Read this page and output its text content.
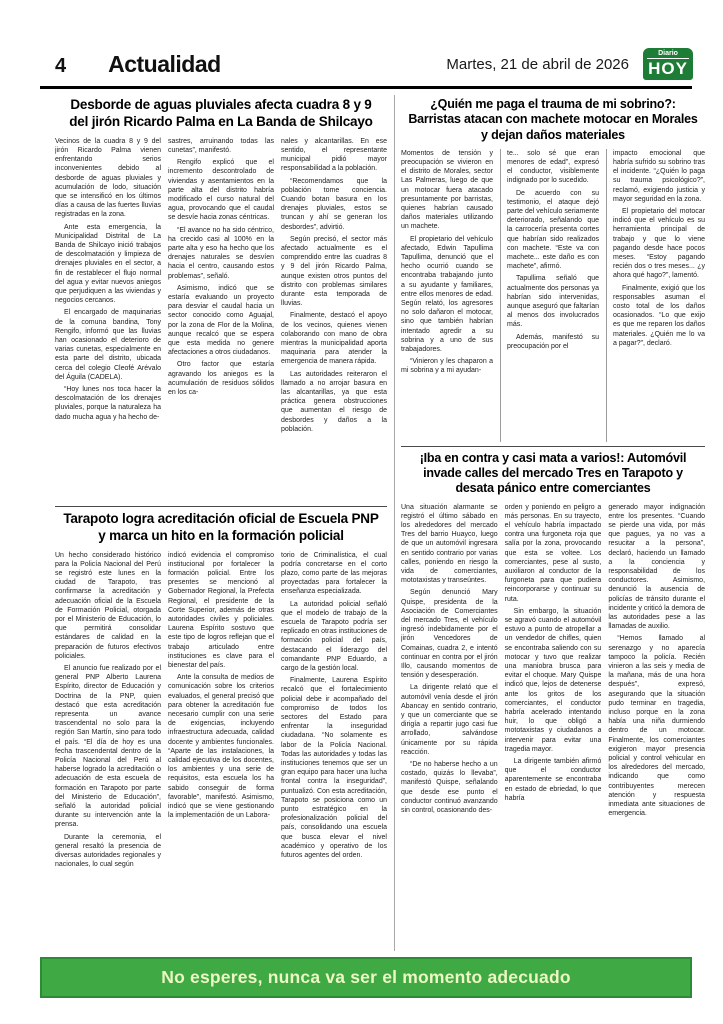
4 Actualidad	Martes, 21 de abril de 2026
Diario
HOY
Desborde de aguas pluviales afecta cuadra 8 y 9 del jirón Ricardo Palma en La Banda de Shilcayo

Vecinos de la cuadra 8 y 9 del jirón Ricardo Palma vienen enfrentando serios inconvenientes debido al desborde de aguas pluviales y acumulación de lodo, situación que se intensificó en los últimos días a causa de las fuertes lluvias registradas en la zona.

Ante esta emergencia, la Municipalidad Distrital de La Banda de Shilcayo inició trabajos de descolmatación y limpieza de drenajes pluviales en el sector, a fin de restablecer el flujo normal del agua y evitar nuevos aniegos que perjudiquen a las viviendas y negocios cercanos.

El encargado de maquinarias de la comuna bandina, Tony Rengifo, informó que las lluvias han ocasionado el deterioro de varias cunetas, especialmente en esta parte del distrito, ubicada cerca del colegio Cleofé Arévalo del Águila (CADELA).

“Hoy lunes nos toca hacer la descolmatación de los drenajes pluviales, porque la naturaleza ha dado mucha agua y ha hecho de-

sastres, arruinando todas las cunetas”, manifestó.

Rengifo explicó que el incremento descontrolado de viviendas y asentamientos en la parte alta del distrito habría modificado el curso natural del agua, provocando que el caudal se desvíe hacia zonas céntricas.

“El avance no ha sido céntrico, ha crecido casi al 100% en la parte alta y eso ha hecho que los drenajes naturales se desvíen hacia el centro, causando estos problemas”, señaló.

Asimismo, indicó que se estaría evaluando un proyecto para desviar el caudal hacia un sector conocido como Aguajal, por la zona de Flor de la Molina, aunque recalcó que se espera que esta medida no genere afectaciones a otros ciudadanos.

Otro factor que estaría agravando los aniegos es la acumulación de residuos sólidos en los ca-

nales y alcantarillas. En ese sentido, el representante municipal pidió mayor responsabilidad a la población.

“Recomendamos que la población tome conciencia. Cuando botan basura en los drenajes pluviales, estos se truncan y ahí se generan los desbordes”, advirtió.

Según precisó, el sector más afectado actualmente es el comprendido entre las cuadras 8 y 9 del jirón Ricardo Palma, aunque existen otros puntos del distrito con problemas similares durante esta temporada de lluvias.

Finalmente, destacó el apoyo de los vecinos, quienes vienen colaborando con mano de obra mientras la municipalidad aporta maquinaria para atender la emergencia de manera rápida.

Las autoridades reiteraron el llamado a no arrojar basura en las alcantarillas, ya que esta práctica genera obstrucciones que aumentan el riesgo de desbordes y daños a la población.

Tarapoto logra acreditación oficial de Escuela PNP y marca un hito en la formación policial

Un hecho considerado histórico para la Policía Nacional del Perú se registró este lunes en la ciudad de Tarapoto, tras confirmarse la acreditación y adecuación oficial de la Escuela de Formación Policial, otorgada por el Ministerio de Educación, lo que permitirá consolidar estándares de calidad en la preparación de futuros efectivos policiales.

El anuncio fue realizado por el general PNP Alberto Laurena Espírito, director de Educación y Doctrina de la PNP, quien destacó que esta acreditación representa un avance trascendental no solo para la región San Martín, sino para todo el país. “El día de hoy es una fecha trascendental dentro de la Policía Nacional del Perú al haberse logrado la acreditación o adecuación de esta escuela de formación en Tarapoto por parte del Ministerio de Educación”, señaló la autoridad policial durante su intervención ante la prensa.

Durante la ceremonia, el general resaltó la presencia de diversas autoridades regionales y nacionales, lo cual según

indicó evidencia el compromiso institucional por fortalecer la formación policial. Entre los presentes se mencionó al Gobernador Regional, la Prefecta Regional, el presidente de la Corte Superior, además de otras autoridades civiles y policiales. Laurena Espírito sostuvo que este tipo de logros reflejan que el trabajo articulado entre instituciones es clave para el bienestar del país.

Ante la consulta de medios de comunicación sobre los criterios evaluados, el general precisó que para obtener la acreditación fue necesario cumplir con una serie de exigencias, incluyendo infraestructura adecuada, calidad docente y ambientes funcionales. “Aparte de las instalaciones, la calidad ejecutiva de los docentes, los ambientes y una serie de requisitos, esta escuela los ha sabido conseguir de forma favorable”, manifestó. Asimismo, indicó que se viene gestionando la implementación de un Labora-

torio de Criminalística, el cual podría concretarse en el corto plazo, como parte de las mejoras proyectadas para fortalecer la enseñanza especializada.

La autoridad policial señaló que el modelo de trabajo de la escuela de Tarapoto podría ser replicado en otras instituciones de formación policial del país, destacando el liderazgo del comandante PNP Eduardo, a cargo de la gestión local.

Finalmente, Laurena Espírito recalcó que el fortalecimiento policial debe ir acompañado del compromiso de todos los sectores del Estado para enfrentar la inseguridad ciudadana. “No solamente es labor de la Policía Nacional. Todas las autoridades y todas las instituciones tenemos que ser un gran equipo para hacer una lucha frontal contra la inseguridad”, puntualizó. Con esta acreditación, Tarapoto se posiciona como un punto estratégico en la profesionalización policial del país, consolidando una escuela que busca elevar el nivel académico y operativo de los futuros agentes del orden.

¿Quién me paga el trauma de mi sobrino?: Barristas atacan con machete motocar en Morales y dejan daños materiales

Momentos de tensión y preocupación se vivieron en el distrito de Morales, sector Las Palmeras, luego de que un motocar fuera atacado presuntamente por barristas, quienes habrían causado daños materiales utilizando un machete.

El propietario del vehículo afectado, Edwin Tapullima Tapullima, denunció que el hecho ocurrió cuando se encontraba trabajando junto a su ayudante y familiares, entre ellos menores de edad. Según relató, los agresores no solo dañaron el motocar, sino que también habrían intentado agredir a su sobrina y a uno de sus trabajadores.

“Vinieron y les chaparon a mi sobrina y a mi ayudan-

te... solo sé que eran menores de edad”, expresó el conductor, visiblemente indignado por lo sucedido.

De acuerdo con su testimonio, el ataque dejó parte del vehículo seriamente deteriorado, señalando que la carrocería presenta cortes que habrían sido realizados con machete. “Este va con machete... este daño es con machete”, afirmó.

Tapullima señaló que actualmente dos personas ya habrían sido intervenidas, aunque aseguró que faltarían al menos dos involucrados más.

Además, manifestó su preocupación por el

impacto emocional que habría sufrido su sobrino tras el incidente. “¿Quién lo paga su trauma psicológico?”, reclamó, exigiendo justicia y mayor seguridad en la zona.

El propietario del motocar indicó que el vehículo es su herramienta principal de trabajo y que lo viene pagando desde hace pocos meses. “Estoy pagando recién dos o tres meses... ¿y ahora qué hago?”, lamentó.

Finalmente, exigió que los responsables asuman el costo total de los daños ocasionados. “Lo que exijo es que me reparen los daños materiales. ¿Quién me lo va a pagar?”, declaró.

¡Iba en contra y casi mata a varios!: Automóvil invade calles del mercado Tres en Tarapoto y desata pánico entre comerciantes

Una situación alarmante se registró el último sábado en los alrededores del mercado Tres del barrio Huayco, luego de que un automóvil ingresara en sentido contrario por varias calles, poniendo en riesgo la vida de comerciantes, mototaxistas y transeúntes.

Según denunció Mary Quispe, presidenta de la Asociación de Comerciantes del mercado Tres, el vehículo ingresó indebidamente por el jirón Vencedores de Comainas, cuadra 2, e intentó continuar en contra por el jirón Illo, causando momentos de tensión y desesperación.

La dirigente relató que el automóvil venía desde el jirón Abancay en sentido contrario, y que un comerciante que se dirigía a repartir jugo casi fue arrollado, salvándose únicamente por su rápida reacción.

“De no haberse hecho a un costado, quizás lo llevaba”, manifestó Quispe, señalando que desde ese punto el conductor continuó avanzando sin control, ocasionando des-

orden y poniendo en peligro a más personas. En su trayecto, el vehículo habría impactado contra una furgoneta roja que salía por la zona, provocando que esta se voltee. Los comerciantes, pese al susto, auxiliaron al conductor de la furgoneta para que pudiera reincorporarse y continuar su ruta.

Sin embargo, la situación se agravó cuando el automóvil estuvo a punto de atropellar a un vendedor de chifles, quien se encontraba saliendo con su motocar y tuvo que realizar una maniobra brusca para evitar el choque. Mary Quispe indicó que, lejos de detenerse ante los gritos de los comerciantes, el conductor habría acelerado intentando huir, lo que obligó a mototaxistas y ciudadanos a intervenir para evitar una tragedia mayor.

La dirigente también afirmó que el conductor aparentemente se encontraba en estado de ebriedad, lo que habría

generado mayor indignación entre los presentes. “Cuando se pierde una vida, por más que pagues, ya no vas a resucitar a la persona”, declaró, haciendo un llamado a la conciencia y responsabilidad de los conductores. Asimismo, denunció la ausencia de policías de tránsito durante el incidente y criticó la demora de las autoridades pese a las llamadas de auxilio.

“Hemos llamado al serenazgo y no aparecía tampoco la policía. Recién vinieron a las seis y media de la mañana, más de una hora después”, expresó, asegurando que la situación pudo terminar en tragedia, incluso porque en la zona había una niña durmiendo dentro de un motocar. Finalmente, los comerciantes exigieron mayor presencia policial y control vehicular en los alrededores del mercado, indicando que como contribuyentes merecen atención y respuesta inmediata ante situaciones de emergencia.

No esperes, nunca va ser el momento adecuado
